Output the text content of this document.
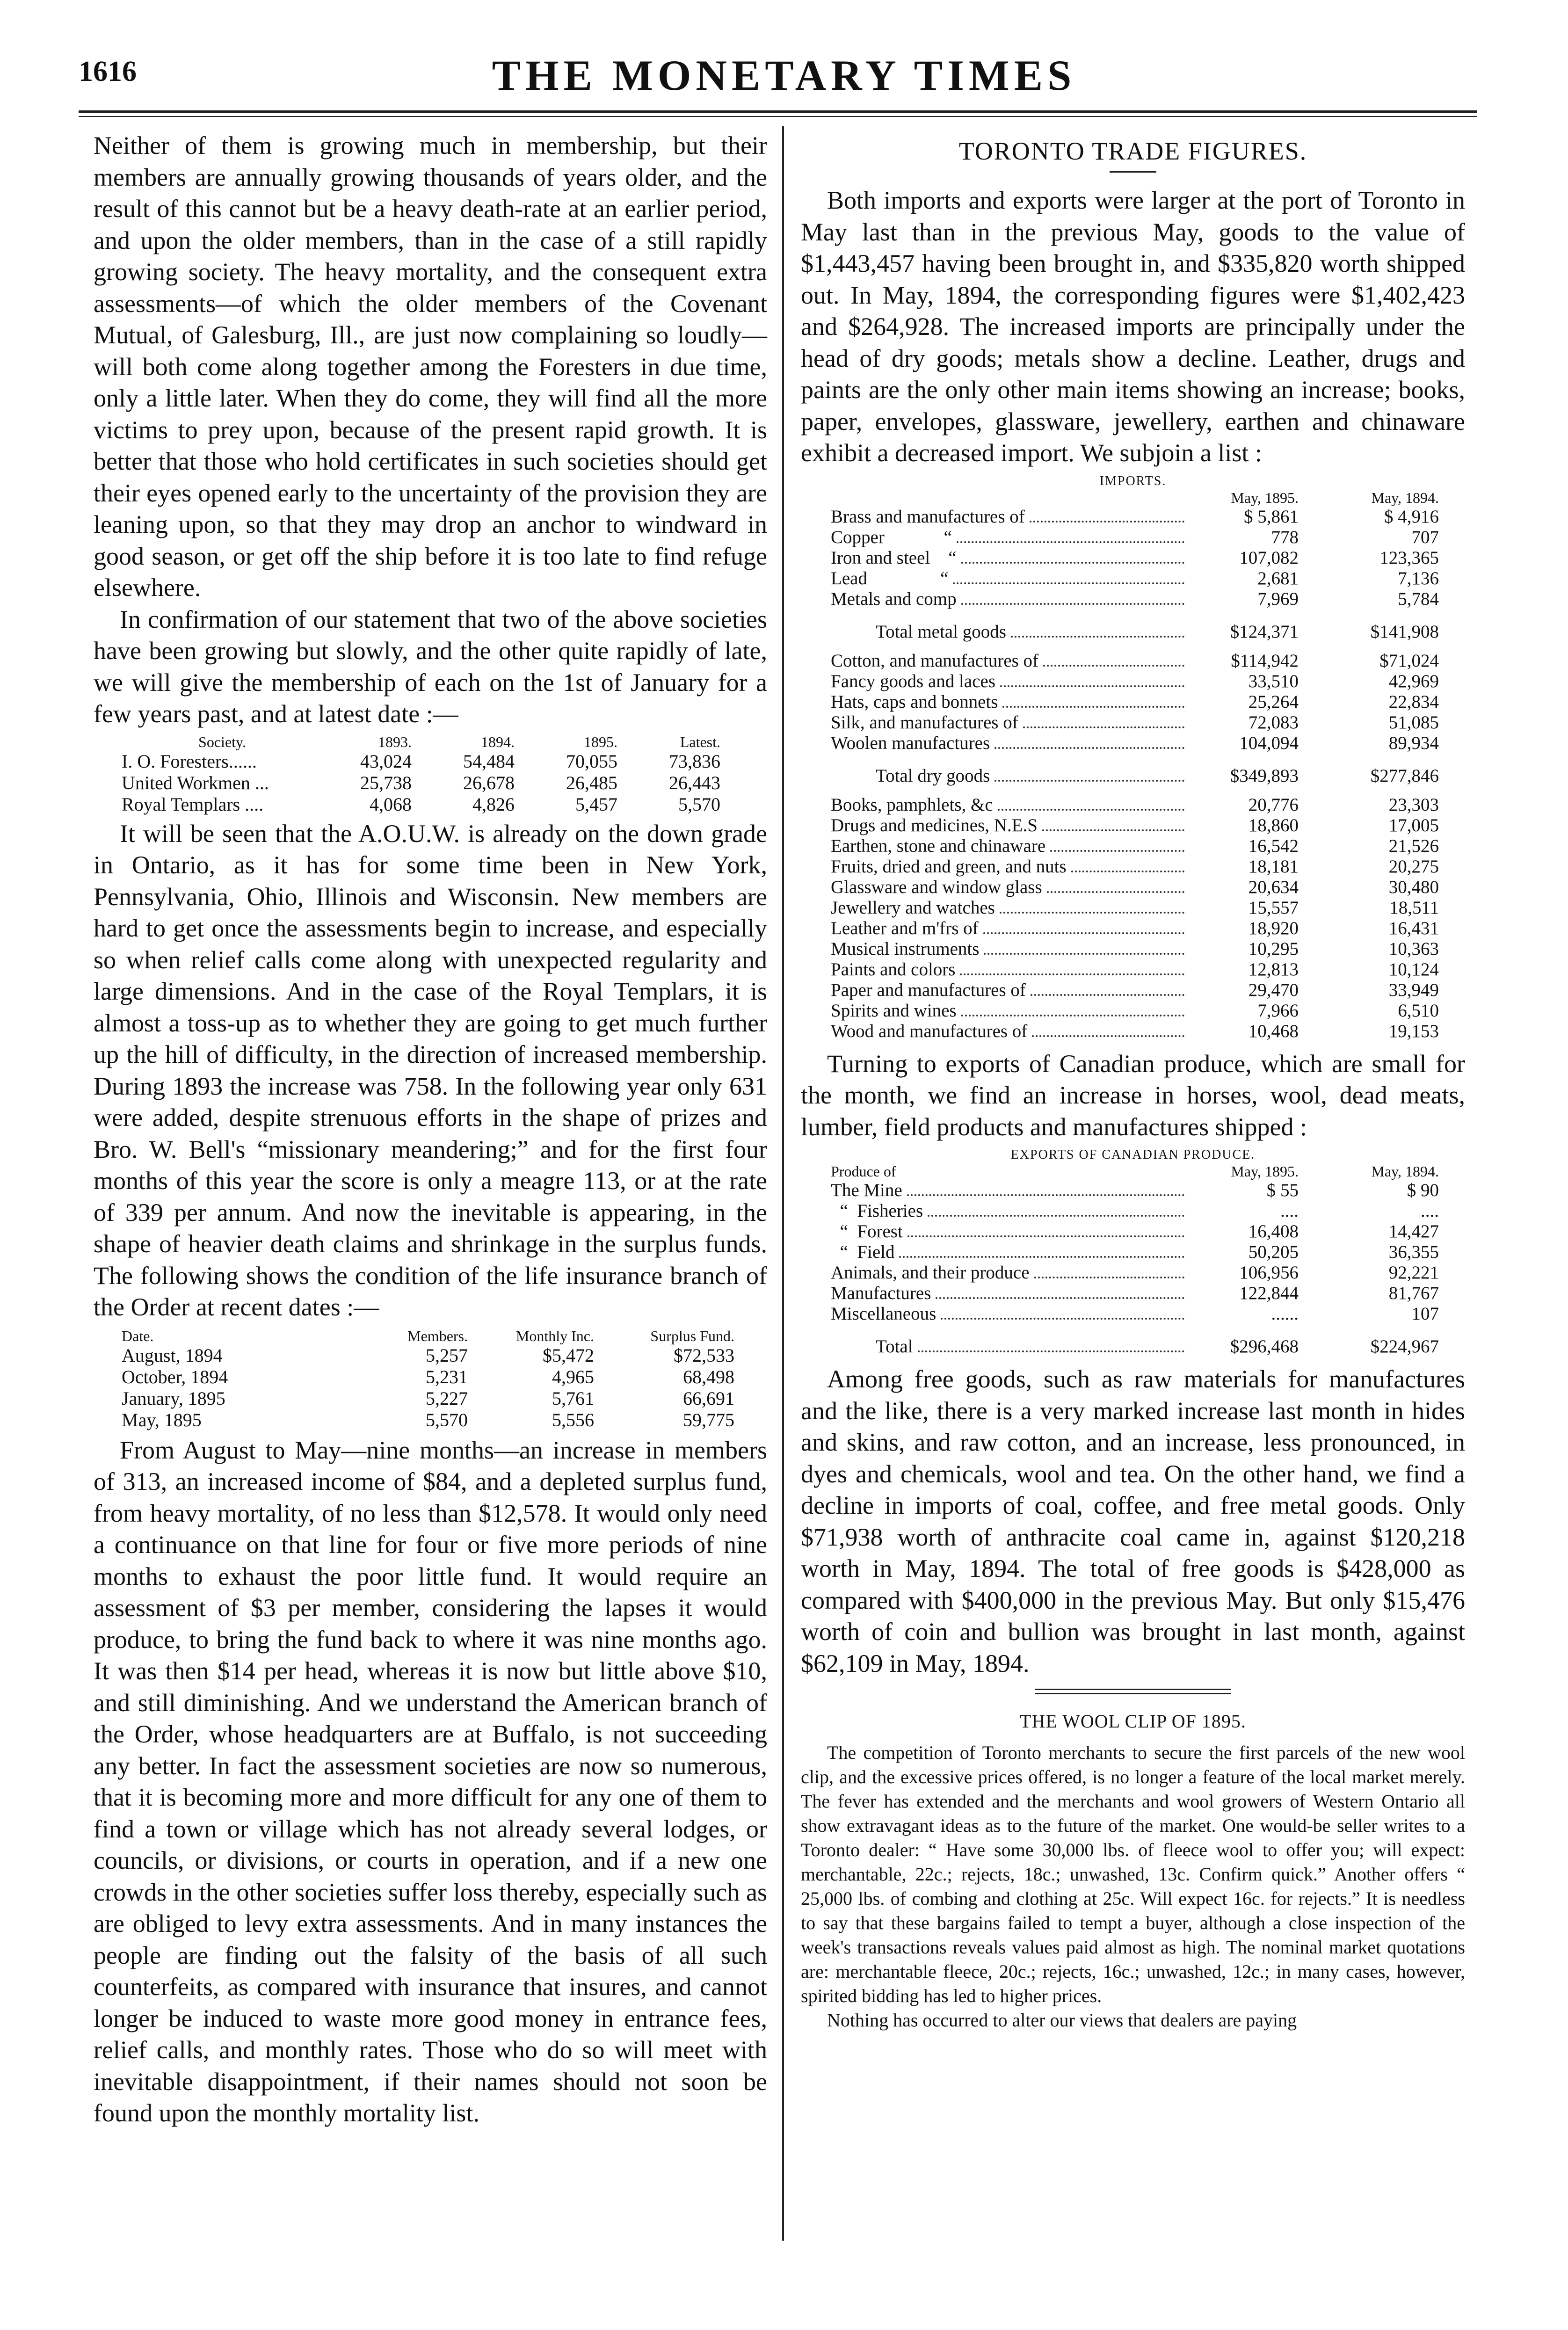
1616	THE MONETARY TIMES

Neither of them is growing much in membership, but their members are annually growing thousands of years older, and the result of this cannot but be a heavy death-rate at an earlier period, and upon the older members, than in the case of a still rapidly growing society. The heavy mortality, and the consequent extra assessments—of which the older members of the Covenant Mutual, of Galesburg, Ill., are just now complaining so loudly—will both come along together among the Foresters in due time, only a little later. When they do come, they will find all the more victims to prey upon, because of the present rapid growth. It is better that those who hold certificates in such societies should get their eyes opened early to the uncertainty of the provision they are leaning upon, so that they may drop an anchor to windward in good season, or get off the ship before it is too late to find refuge elsewhere.

In confirmation of our statement that two of the above societies have been growing but slowly, and the other quite rapidly of late, we will give the membership of each on the 1st of January for a few years past, and at latest date :—

Society.	1893.	1894.	1895.	Latest.
I. O. Foresters......	43,024	54,484	70,055	73,836
United Workmen ...	25,738	26,678	26,485	26,443
Royal Templars ....	4,068	4,826	5,457	5,570

It will be seen that the A.O.U.W. is already on the down grade in Ontario, as it has for some time been in New York, Pennsylvania, Ohio, Illinois and Wisconsin. New members are hard to get once the assessments begin to increase, and especially so when relief calls come along with unexpected regularity and large dimensions. And in the case of the Royal Templars, it is almost a toss-up as to whether they are going to get much further up the hill of difficulty, in the direction of increased membership. During 1893 the increase was 758. In the following year only 631 were added, despite strenuous efforts in the shape of prizes and Bro. W. Bell's “missionary meandering;” and for the first four months of this year the score is only a meagre 113, or at the rate of 339 per annum. And now the inevitable is appearing, in the shape of heavier death claims and shrinkage in the surplus funds. The following shows the condition of the life insurance branch of the Order at recent dates :—

Date.	Members.	Monthly Inc.	Surplus Fund.
August, 1894	5,257	$5,472	$72,533
October, 1894	5,231	4,965	68,498
January, 1895	5,227	5,761	66,691
May, 1895	5,570	5,556	59,775

From August to May—nine months—an increase in members of 313, an increased income of $84, and a depleted surplus fund, from heavy mortality, of no less than $12,578. It would only need a continuance on that line for four or five more periods of nine months to exhaust the poor little fund. It would require an assessment of $3 per member, considering the lapses it would produce, to bring the fund back to where it was nine months ago. It was then $14 per head, whereas it is now but little above $10, and still diminishing. And we understand the American branch of the Order, whose headquarters are at Buffalo, is not succeeding any better. In fact the assessment societies are now so numerous, that it is becoming more and more difficult for any one of them to find a town or village which has not already several lodges, or councils, or divisions, or courts in operation, and if a new one crowds in the other societies suffer loss thereby, especially such as are obliged to levy extra assessments. And in many instances the people are finding out the falsity of the basis of all such counterfeits, as compared with insurance that insures, and cannot longer be induced to waste more good money in entrance fees, relief calls, and monthly rates. Those who do so will meet with inevitable disappointment, if their names should not soon be found upon the monthly mortality list.

TORONTO TRADE FIGURES.

Both imports and exports were larger at the port of Toronto in May last than in the previous May, goods to the value of $1,443,457 having been brought in, and $335,820 worth shipped out. In May, 1894, the corresponding figures were $1,402,423 and $264,928. The increased imports are principally under the head of dry goods; metals show a decline. Leather, drugs and paints are the only other main items showing an increase; books, paper, envelopes, glassware, jewellery, earthen and chinaware exhibit a decreased import. We subjoin a list :

IMPORTS.
May, 1895.	May, 1894.
Brass and manufactures of	$ 5,861	$ 4,916
Copper             “	778	707
Iron and steel    “	107,082	123,365
Lead                “	2,681	7,136
Metals and comp	7,969	5,784
Total metal goods	$124,371	$141,908
Cotton, and manufactures of	$114,942	$71,024
Fancy goods and laces	33,510	42,969
Hats, caps and bonnets	25,264	22,834
Silk, and manufactures of	72,083	51,085
Woolen manufactures	104,094	89,934
Total dry goods	$349,893	$277,846
Books, pamphlets, &c	20,776	23,303
Drugs and medicines, N.E.S	18,860	17,005
Earthen, stone and chinaware	16,542	21,526
Fruits, dried and green, and nuts	18,181	20,275
Glassware and window glass	20,634	30,480
Jewellery and watches	15,557	18,511
Leather and m'frs of	18,920	16,431
Musical instruments	10,295	10,363
Paints and colors	12,813	10,124
Paper and manufactures of	29,470	33,949
Spirits and wines	7,966	6,510
Wood and manufactures of	10,468	19,153

Turning to exports of Canadian produce, which are small for the month, we find an increase in horses, wool, dead meats, lumber, field products and manufactures shipped :

EXPORTS OF CANADIAN PRODUCE.
Produce of	May, 1895.	May, 1894.
The Mine	$ 55	$ 90
“  Fisheries	....	....
“  Forest	16,408	14,427
“  Field	50,205	36,355
Animals, and their produce	106,956	92,221
Manufactures	122,844	81,767
Miscellaneous	......	107
Total	$296,468	$224,967

Among free goods, such as raw materials for manufactures and the like, there is a very marked increase last month in hides and skins, and raw cotton, and an increase, less pronounced, in dyes and chemicals, wool and tea. On the other hand, we find a decline in imports of coal, coffee, and free metal goods. Only $71,938 worth of anthracite coal came in, against $120,218 worth in May, 1894. The total of free goods is $428,000 as compared with $400,000 in the previous May. But only $15,476 worth of coin and bullion was brought in last month, against $62,109 in May, 1894.

THE WOOL CLIP OF 1895.

The competition of Toronto merchants to secure the first parcels of the new wool clip, and the excessive prices offered, is no longer a feature of the local market merely. The fever has extended and the merchants and wool growers of Western Ontario all show extravagant ideas as to the future of the market. One would-be seller writes to a Toronto dealer: “ Have some 30,000 lbs. of fleece wool to offer you; will expect: merchantable, 22c.; rejects, 18c.; unwashed, 13c. Confirm quick.” Another offers “ 25,000 lbs. of combing and clothing at 25c. Will expect 16c. for rejects.” It is needless to say that these bargains failed to tempt a buyer, although a close inspection of the week's transactions reveals values paid almost as high. The nominal market quotations are: merchantable fleece, 20c.; rejects, 16c.; unwashed, 12c.; in many cases, however, spirited bidding has led to higher prices.

Nothing has occurred to alter our views that dealers are paying
